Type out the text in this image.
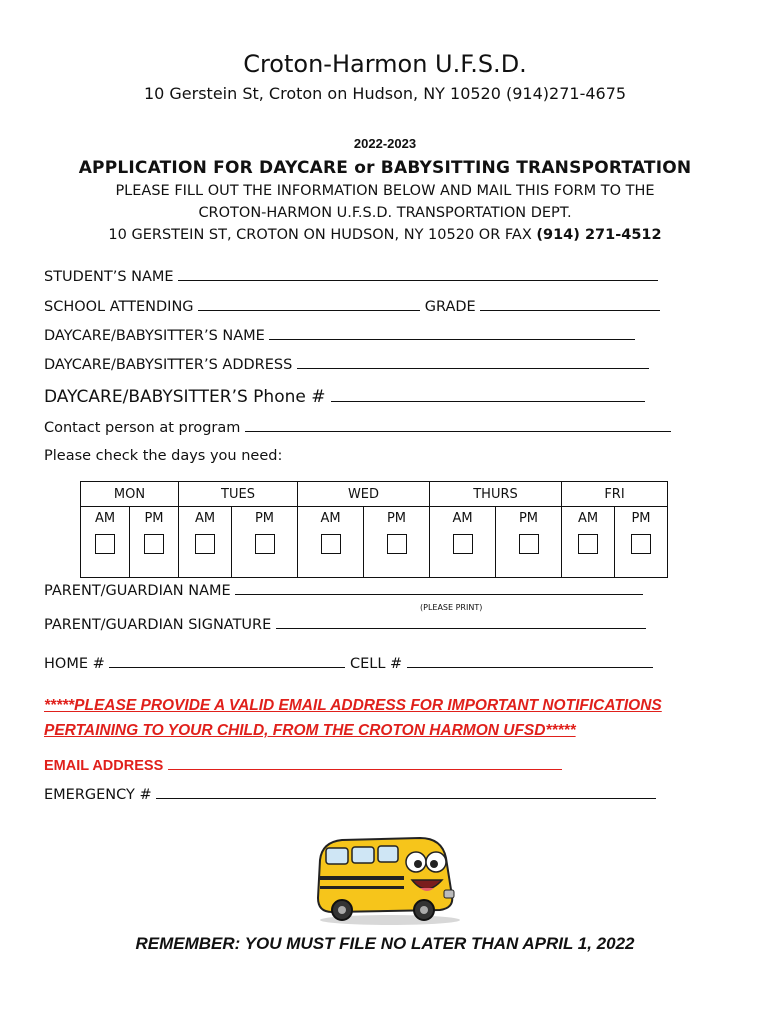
Croton-Harmon U.F.S.D.
10 Gerstein St, Croton on Hudson, NY 10520 (914)271-4675
2022-2023
APPLICATION FOR DAYCARE or BABYSITTING TRANSPORTATION
PLEASE FILL OUT THE INFORMATION BELOW AND MAIL THIS FORM TO THE
CROTON-HARMON U.F.S.D. TRANSPORTATION DEPT.
10 GERSTEIN ST, CROTON ON HUDSON, NY 10520 OR FAX (914) 271-4512
STUDENT’S NAME
SCHOOL ATTENDING	GRADE
DAYCARE/BABYSITTER’S NAME
DAYCARE/BABYSITTER’S ADDRESS
DAYCARE/BABYSITTER’S Phone #
Contact person at program
Please check the days you need:
MON		TUES		WED		THURS		FRI	

AM	PM	AM	PM	AM	PM	AM	PM	AM	PM
PARENT/GUARDIAN NAME
(PLEASE PRINT)
PARENT/GUARDIAN SIGNATURE
HOME #	CELL #
*****PLEASE PROVIDE A VALID EMAIL ADDRESS FOR IMPORTANT NOTIFICATIONS
PERTAINING TO YOUR CHILD, FROM THE CROTON HARMON UFSD*****
EMAIL ADDRESS
EMERGENCY #
REMEMBER: YOU MUST FILE NO LATER THAN APRIL 1, 2022
